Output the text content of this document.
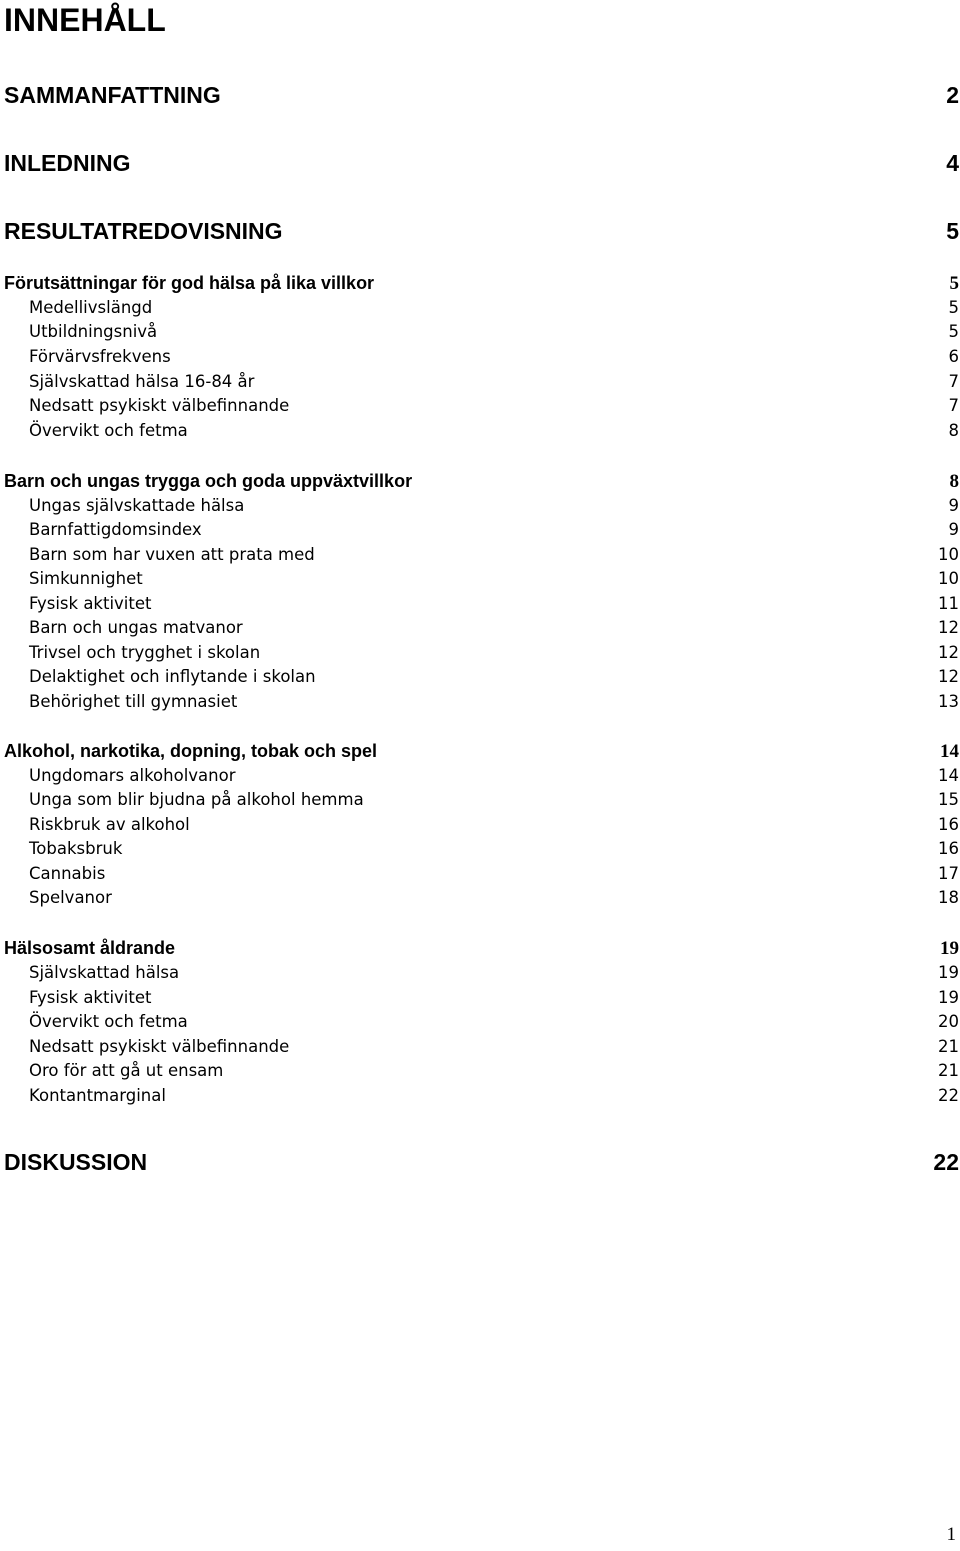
INNEHÅLL
SAMMANFATTNING	2
INLEDNING	4
RESULTATREDOVISNING	5
Förutsättningar för god hälsa på lika villkor	5
Medellivslängd	5
Utbildningsnivå	5
Förvärvsfrekvens	6
Självskattad hälsa 16-84 år	7
Nedsatt psykiskt välbefinnande	7
Övervikt och fetma	8
Barn och ungas trygga och goda uppväxtvillkor	8
Ungas självskattade hälsa	9
Barnfattigdomsindex	9
Barn som har vuxen att prata med	10
Simkunnighet	10
Fysisk aktivitet	11
Barn och ungas matvanor	12
Trivsel och trygghet i skolan	12
Delaktighet och inflytande i skolan	12
Behörighet till gymnasiet	13
Alkohol, narkotika, dopning, tobak och spel	14
Ungdomars alkoholvanor	14
Unga som blir bjudna på alkohol hemma	15
Riskbruk av alkohol	16
Tobaksbruk	16
Cannabis	17
Spelvanor	18
Hälsosamt åldrande	19
Självskattad hälsa	19
Fysisk aktivitet	19
Övervikt och fetma	20
Nedsatt psykiskt välbefinnande	21
Oro för att gå ut ensam	21
Kontantmarginal	22
DISKUSSION	22
1
